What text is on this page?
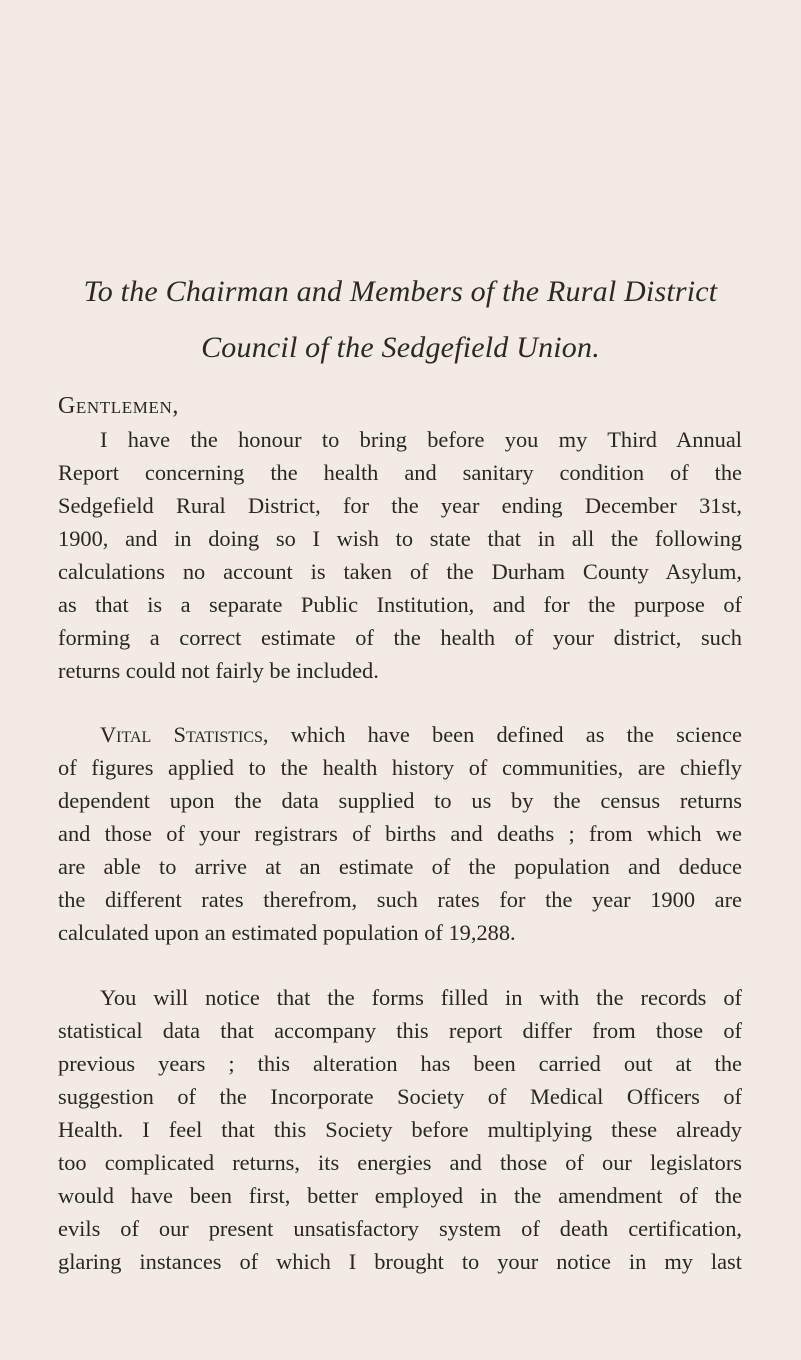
To the Chairman and Members of the Rural District
Council of the Sedgefield Union.
Gentlemen,
I have the honour to bring before you my Third Annual
Report concerning the health and sanitary condition of the
Sedgefield Rural District, for the year ending December 31st,
1900, and in doing so I wish to state that in all the following
calculations no account is taken of the Durham County Asylum,
as that is a separate Public Institution, and for the purpose of
forming a correct estimate of the health of your district, such
returns could not fairly be included.
Vital Statistics, which have been defined as the science
of figures applied to the health history of communities, are chiefly
dependent upon the data supplied to us by the census returns
and those of your registrars of births and deaths ; from which we
are able to arrive at an estimate of the population and deduce
the different rates therefrom, such rates for the year 1900 are
calculated upon an estimated population of 19,288.
You will notice that the forms filled in with the records of
statistical data that accompany this report differ from those of
previous years ; this alteration has been carried out at the
suggestion of the Incorporate Society of Medical Officers of
Health. I feel that this Society before multiplying these already
too complicated returns, its energies and those of our legislators
would have been first, better employed in the amendment of the
evils of our present unsatisfactory system of death certification,
glaring instances of which I brought to your notice in my last
